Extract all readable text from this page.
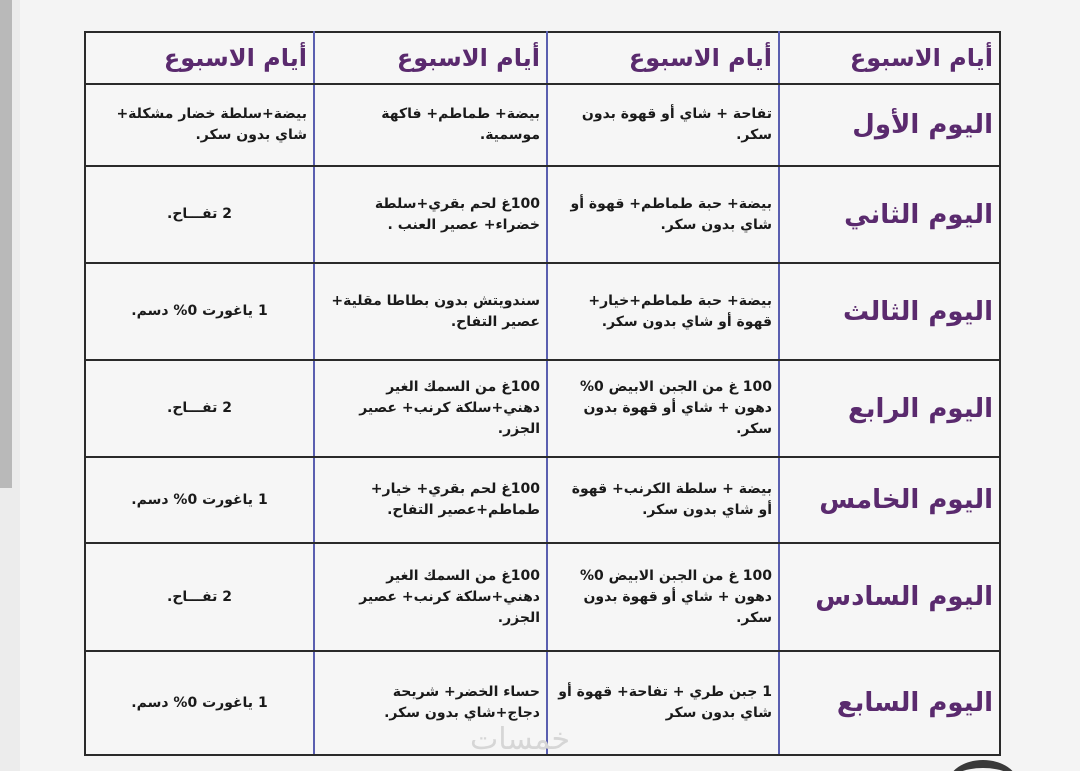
أيام الاسبوع	أيام الاسبوع	أيام الاسبوع	أيام الاسبوع
اليوم الأول	تفاحة + شاي أو قهوة بدون سكر.	بيضة+ طماطم+ فاكهة موسمية.	بيضة+سلطة خضار مشكلة+ شاي بدون سكر.
اليوم الثاني	بيضة+ حبة طماطم+ قهوة أو شاي بدون سكر.	100غ لحم بقري+سلطة خضراء+ عصير العنب .	2 تفـــاح.
اليوم الثالث	بيضة+ حبة طماطم+خيار+ قهوة أو شاي بدون سكر.	سندويتش بدون بطاطا مقلية+ عصير التفاح.	1 ياغورت 0% دسم.
اليوم الرابع	100 غ من الجبن الابيض 0% دهون + شاي أو قهوة بدون سكر.	100غ من السمك الغير دهني+سلكة كرنب+ عصير الجزر.	2 تفـــاح.
اليوم الخامس	بيضة + سلطة الكرنب+ قهوة أو شاي بدون سكر.	100غ لحم بقري+ خيار+ طماطم+عصير التفاح.	1 ياغورت 0% دسم.
اليوم السادس	100 غ من الجبن الابيض 0% دهون + شاي أو قهوة بدون سكر.	100غ من السمك الغير دهني+سلكة كرنب+ عصير الجزر.	2 تفـــاح.
اليوم السابع	1 جبن طري + تفاحة+ قهوة أو شاي بدون سكر	حساء الخضر+ شريحة دجاج+شاي بدون سكر.	1 ياغورت 0% دسم.
خمسات
